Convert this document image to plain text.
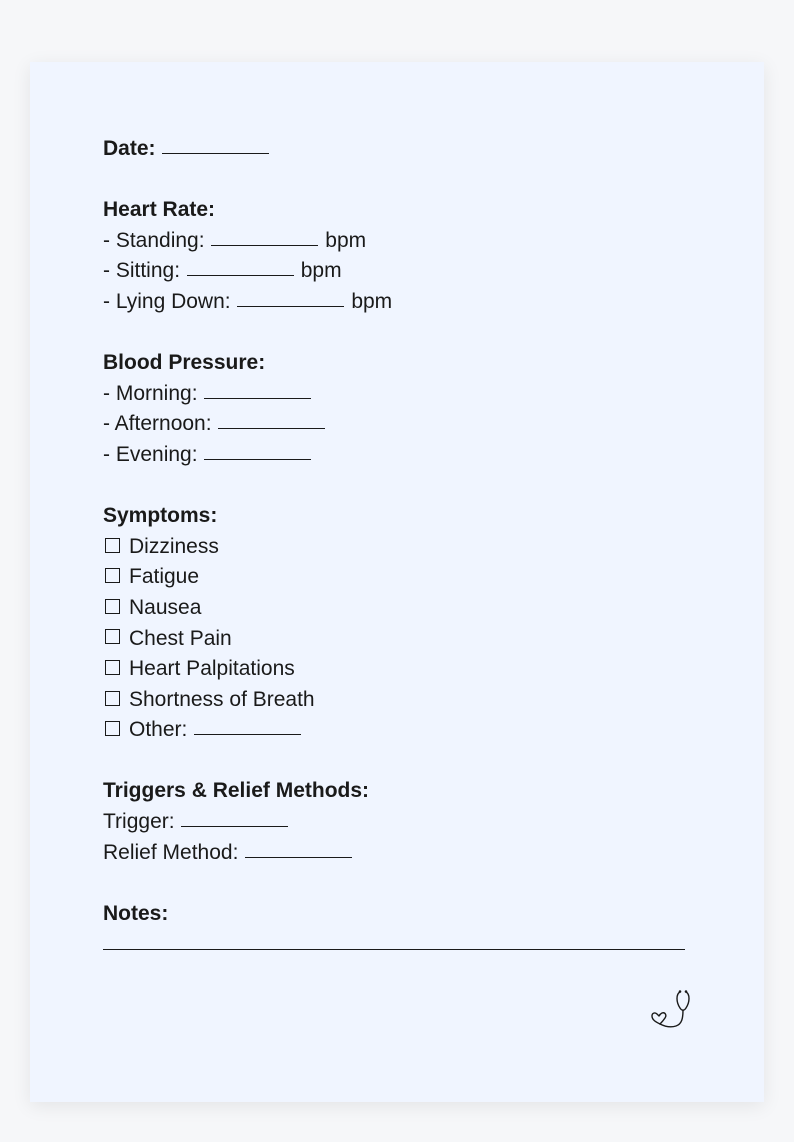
Date:
Heart Rate:
- Standing:	bpm
- Sitting:	bpm
- Lying Down:	bpm
Blood Pressure:
- Morning:
- Afternoon:
- Evening:
Symptoms:
Dizziness
Fatigue
Nausea
Chest Pain
Heart Palpitations
Shortness of Breath
Other:
Triggers & Relief Methods:
Trigger:
Relief Method:
Notes:
